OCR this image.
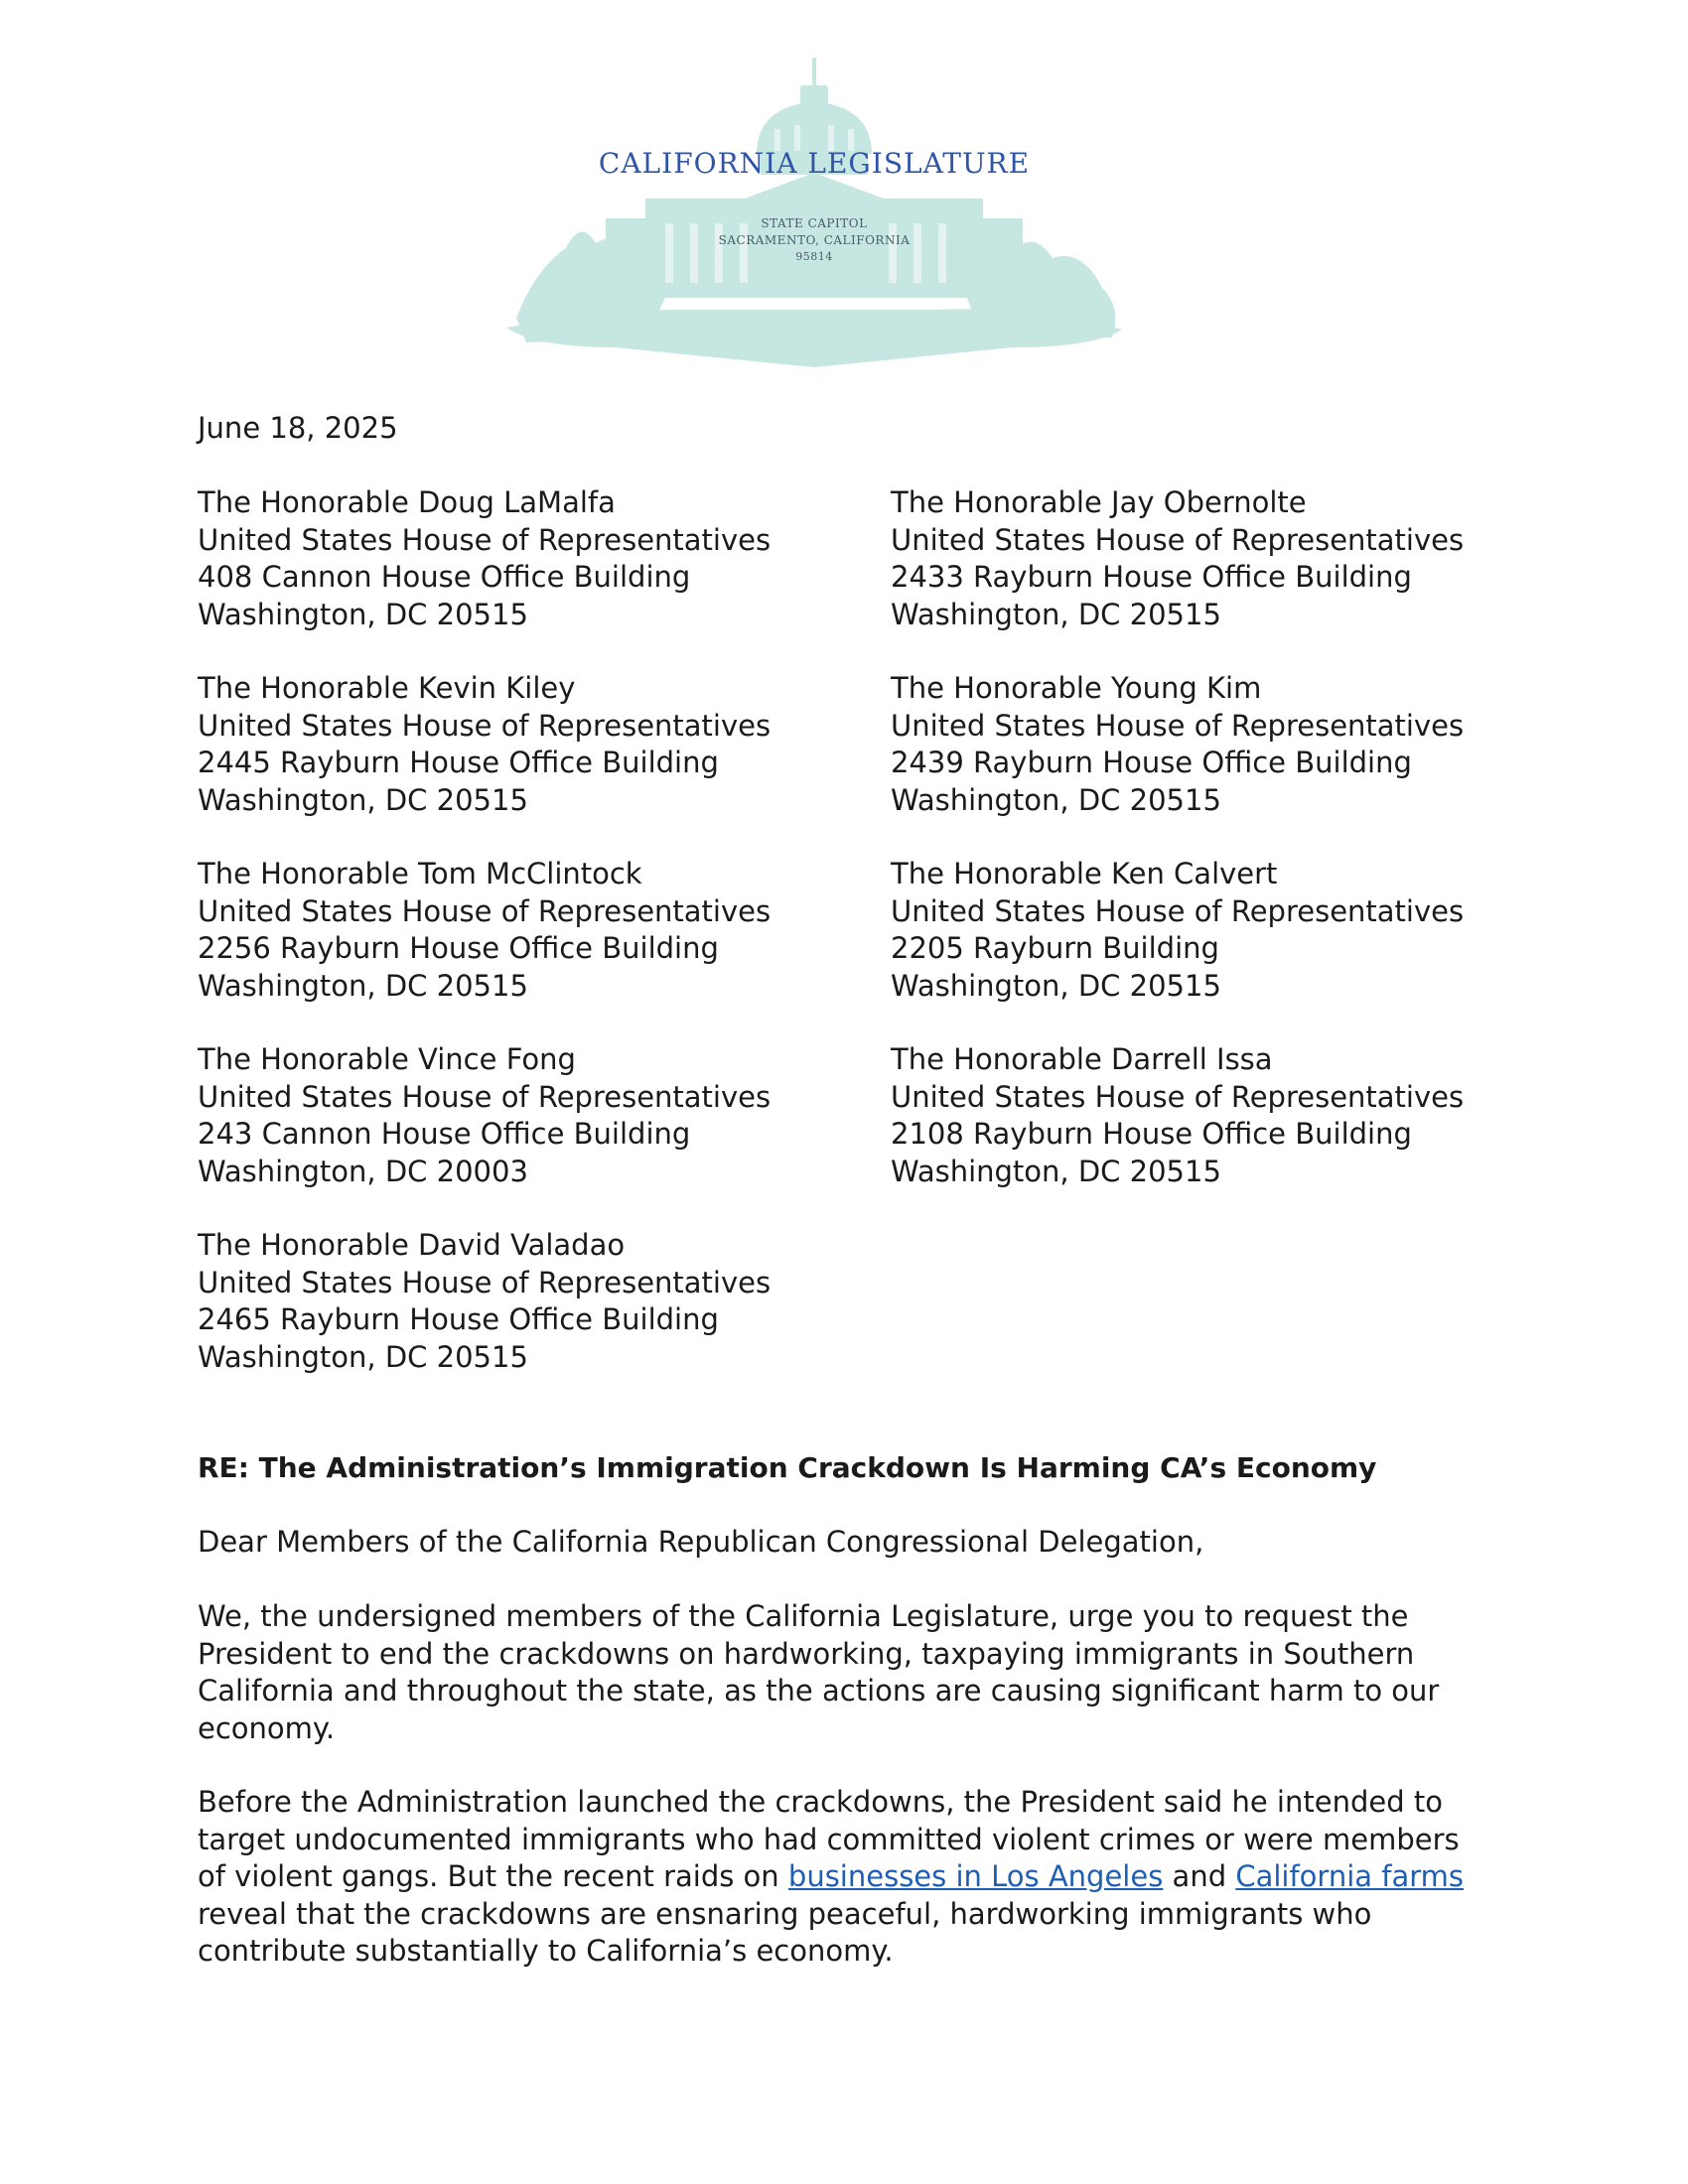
CALIFORNIA LEGISLATURE
STATE CAPITOL
SACRAMENTO, CALIFORNIA
95814
June 18, 2025
The Honorable Doug LaMalfa
United States House of Representatives
408 Cannon House Office Building
Washington, DC 20515
The Honorable Kevin Kiley
United States House of Representatives
2445 Rayburn House Office Building
Washington, DC 20515
The Honorable Tom McClintock
United States House of Representatives
2256 Rayburn House Office Building
Washington, DC 20515
The Honorable Vince Fong
United States House of Representatives
243 Cannon House Office Building
Washington, DC 20003
The Honorable David Valadao
United States House of Representatives
2465 Rayburn House Office Building
Washington, DC 20515
The Honorable Jay Obernolte
United States House of Representatives
2433 Rayburn House Office Building
Washington, DC 20515
The Honorable Young Kim
United States House of Representatives
2439 Rayburn House Office Building
Washington, DC 20515
The Honorable Ken Calvert
United States House of Representatives
2205 Rayburn Building
Washington, DC 20515
The Honorable Darrell Issa
United States House of Representatives
2108 Rayburn House Office Building
Washington, DC 20515
RE: The Administration’s Immigration Crackdown Is Harming CA’s Economy
Dear Members of the California Republican Congressional Delegation,
We, the undersigned members of the California Legislature, urge you to request the
President to end the crackdowns on hardworking, taxpaying immigrants in Southern
California and throughout the state, as the actions are causing significant harm to our
economy.
Before the Administration launched the crackdowns, the President said he intended to
target undocumented immigrants who had committed violent crimes or were members
of violent gangs. But the recent raids on businesses in Los Angeles and California farms
reveal that the crackdowns are ensnaring peaceful, hardworking immigrants who
contribute substantially to California’s economy.
